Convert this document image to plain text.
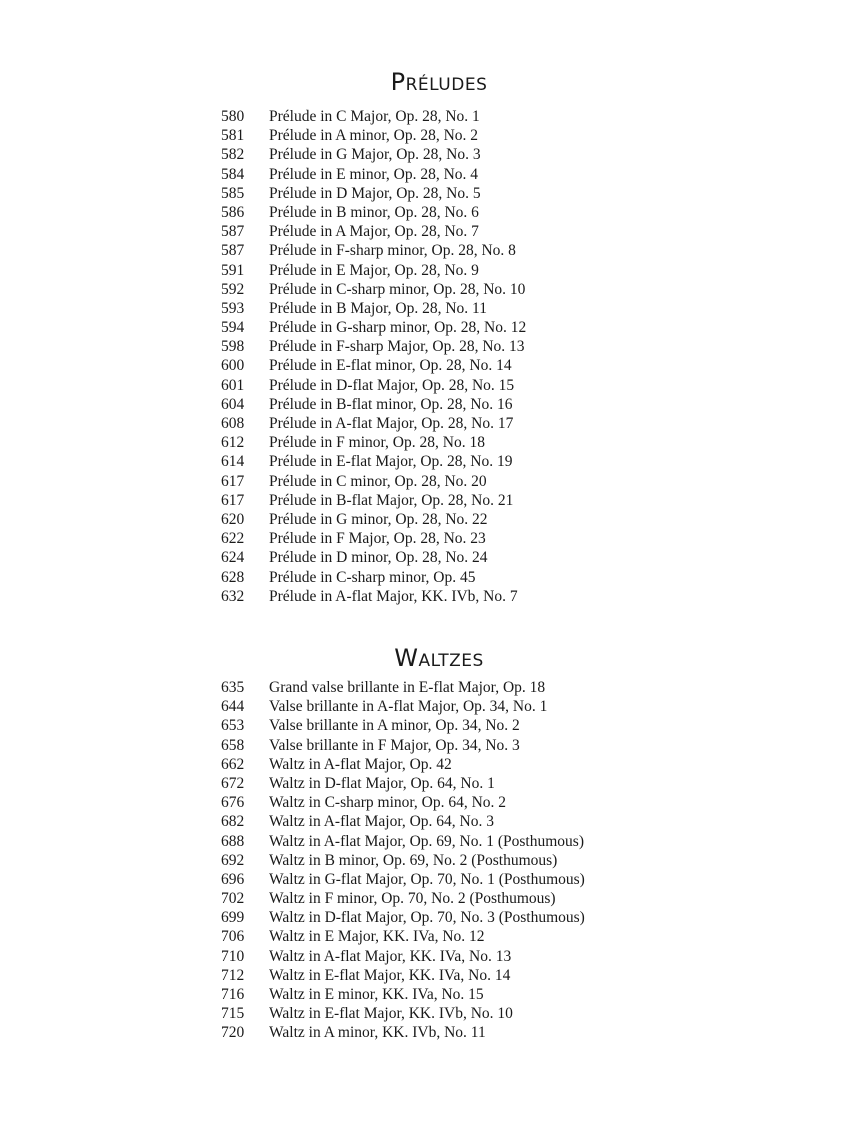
Préludes
580 Prélude in C Major, Op. 28, No. 1
581 Prélude in A minor, Op. 28, No. 2
582 Prélude in G Major, Op. 28, No. 3
584 Prélude in E minor, Op. 28, No. 4
585 Prélude in D Major, Op. 28, No. 5
586 Prélude in B minor, Op. 28, No. 6
587 Prélude in A Major, Op. 28, No. 7
587 Prélude in F-sharp minor, Op. 28, No. 8
591 Prélude in E Major, Op. 28, No. 9
592 Prélude in C-sharp minor, Op. 28, No. 10
593 Prélude in B Major, Op. 28, No. 11
594 Prélude in G-sharp minor, Op. 28, No. 12
598 Prélude in F-sharp Major, Op. 28, No. 13
600 Prélude in E-flat minor, Op. 28, No. 14
601 Prélude in D-flat Major, Op. 28, No. 15
604 Prélude in B-flat minor, Op. 28, No. 16
608 Prélude in A-flat Major, Op. 28, No. 17
612 Prélude in F minor, Op. 28, No. 18
614 Prélude in E-flat Major, Op. 28, No. 19
617 Prélude in C minor, Op. 28, No. 20
617 Prélude in B-flat Major, Op. 28, No. 21
620 Prélude in G minor, Op. 28, No. 22
622 Prélude in F Major, Op. 28, No. 23
624 Prélude in D minor, Op. 28, No. 24
628 Prélude in C-sharp minor, Op. 45
632 Prélude in A-flat Major, KK. IVb, No. 7
Waltzes
635 Grand valse brillante in E-flat Major, Op. 18
644 Valse brillante in A-flat Major, Op. 34, No. 1
653 Valse brillante in A minor, Op. 34, No. 2
658 Valse brillante in F Major, Op. 34, No. 3
662 Waltz in A-flat Major, Op. 42
672 Waltz in D-flat Major, Op. 64, No. 1
676 Waltz in C-sharp minor, Op. 64, No. 2
682 Waltz in A-flat Major, Op. 64, No. 3
688 Waltz in A-flat Major, Op. 69, No. 1 (Posthumous)
692 Waltz in B minor, Op. 69, No. 2 (Posthumous)
696 Waltz in G-flat Major, Op. 70, No. 1 (Posthumous)
702 Waltz in F minor, Op. 70, No. 2 (Posthumous)
699 Waltz in D-flat Major, Op. 70, No. 3 (Posthumous)
706 Waltz in E Major, KK. IVa, No. 12
710 Waltz in A-flat Major, KK. IVa, No. 13
712 Waltz in E-flat Major, KK. IVa, No. 14
716 Waltz in E minor, KK. IVa, No. 15
715 Waltz in E-flat Major, KK. IVb, No. 10
720 Waltz in A minor, KK. IVb, No. 11
